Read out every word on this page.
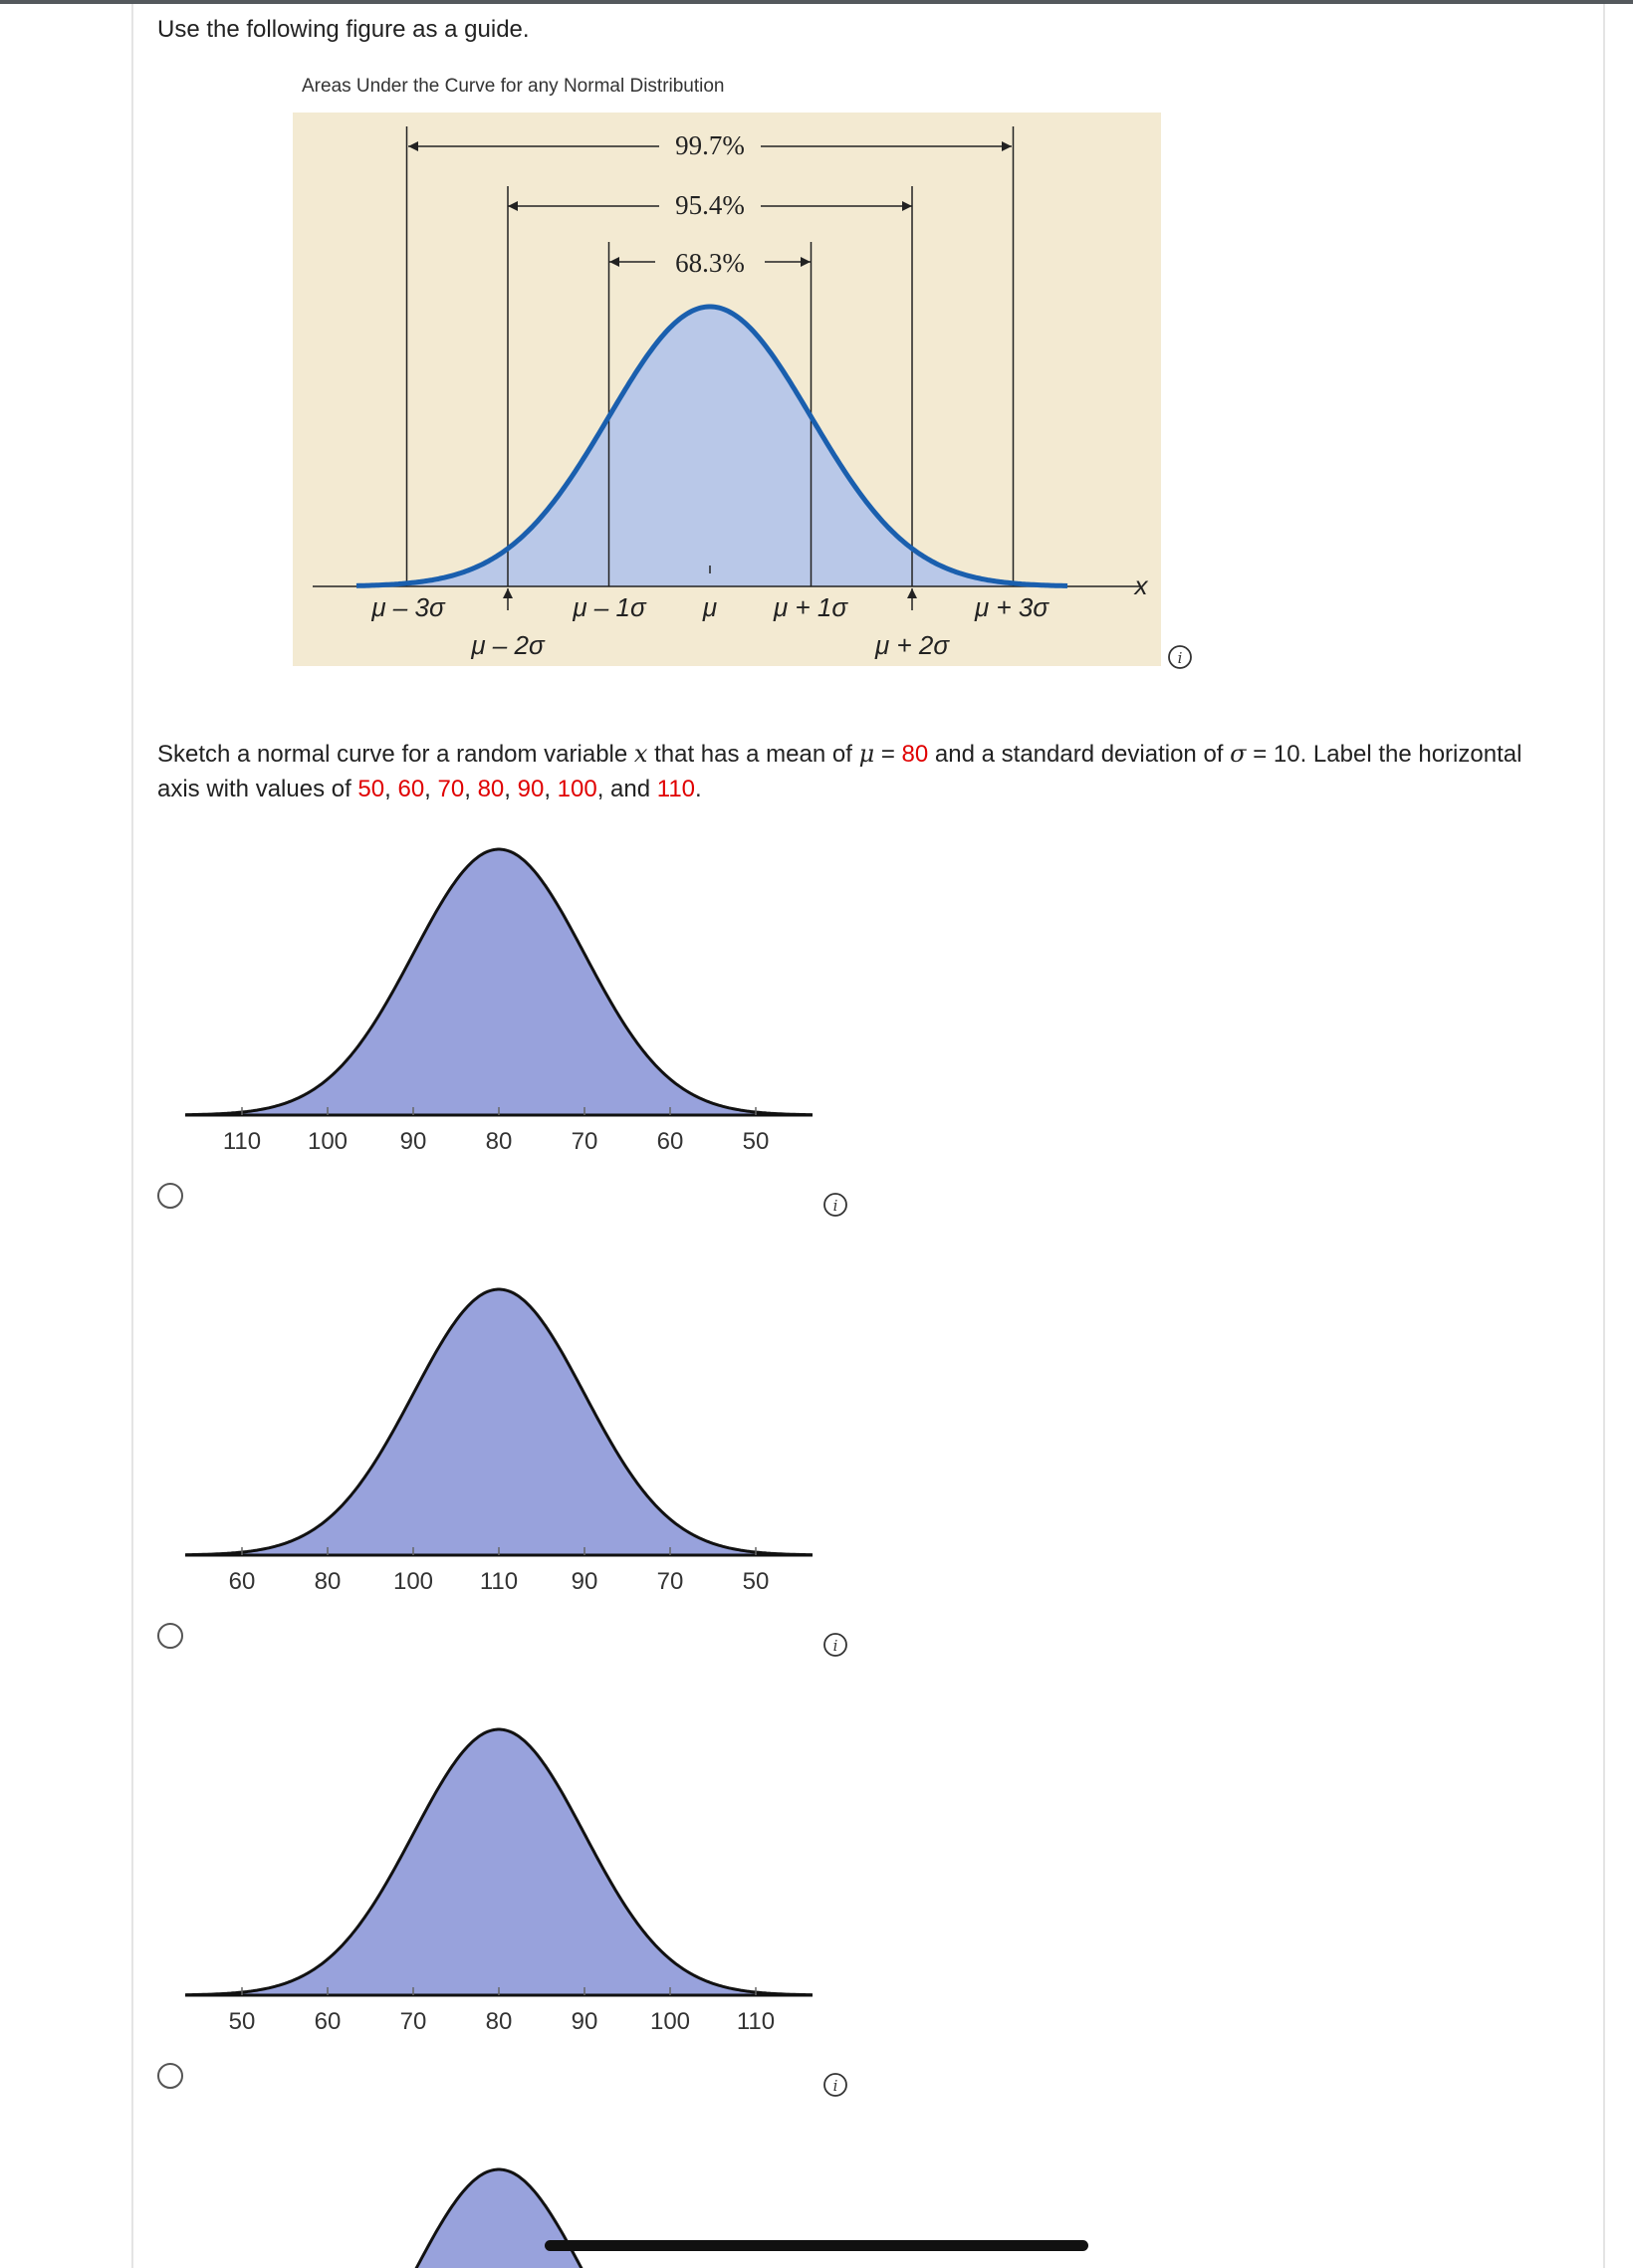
Use the following figure as a guide.
Areas Under the Curve for any Normal Distribution
99.7%
95.4%
68.3%
μ – 3σ
μ – 2σ
μ – 1σ μ μ + 1σ
μ + 2σ
μ + 3σ
x
i
Sketch a normal curve for a random variable x that has a mean of μ = 80 and a standard deviation of σ = 10. Label the horizontal axis with values of 50, 60, 70, 80, 90, 100, and 110.
110 100 90 80 70 60 50
i
60 80 100 110 90 70 50
i
50 60 70 80 90 100 110
i
